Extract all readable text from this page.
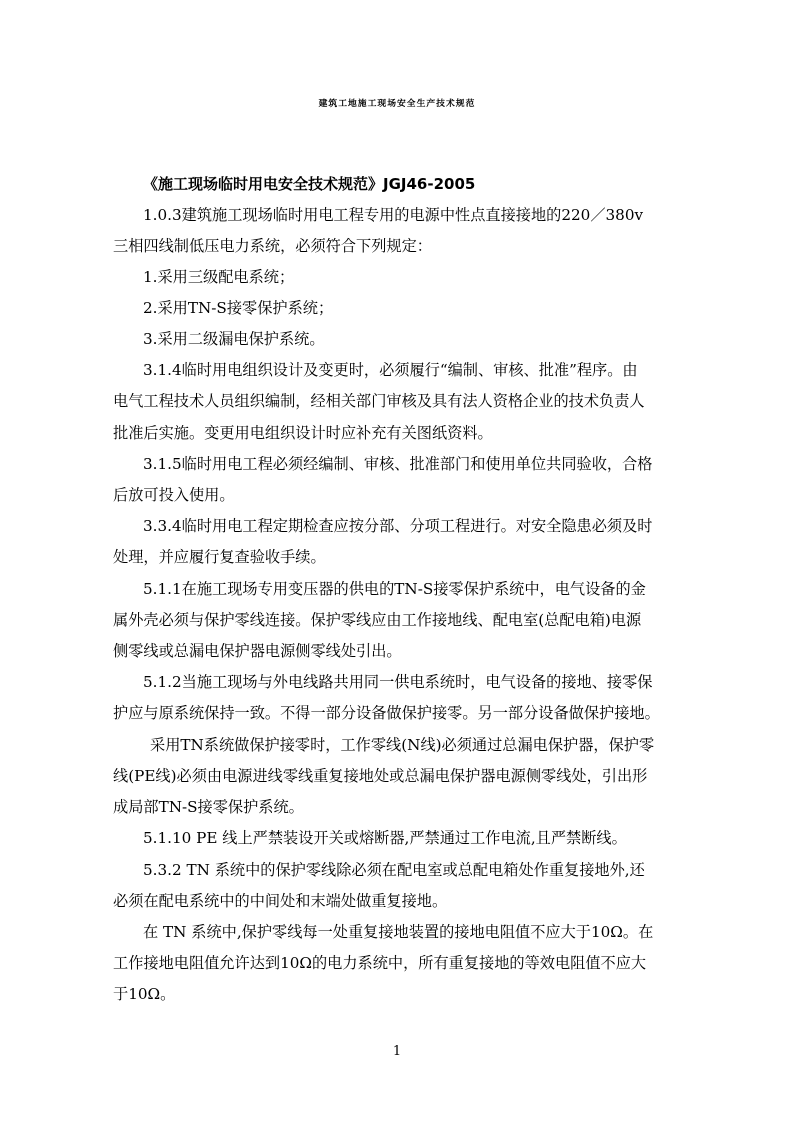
建筑工地施工现场安全生产技术规范
《施工现场临时用电安全技术规范》JGJ46-2005
1.0.3建筑施工现场临时用电工程专用的电源中性点直接接地的220／380v
三相四线制低压电力系统，必须符合下列规定：
1.采用三级配电系统；
2.采用TN-S接零保护系统；
3.采用二级漏电保护系统。
3.1.4临时用电组织设计及变更时，必须履行“编制、审核、批准”程序。由
电气工程技术人员组织编制，经相关部门审核及具有法人资格企业的技术负责人
批准后实施。变更用电组织设计时应补充有关图纸资料。
3.1.5临时用电工程必须经编制、审核、批准部门和使用单位共同验收，合格
后放可投入使用。
3.3.4临时用电工程定期检查应按分部、分项工程进行。对安全隐患必须及时
处理，并应履行复查验收手续。
5.1.1在施工现场专用变压器的供电的TN-S接零保护系统中，电气设备的金
属外壳必须与保护零线连接。保护零线应由工作接地线、配电室(总配电箱)电源
侧零线或总漏电保护器电源侧零线处引出。
5.1.2当施工现场与外电线路共用同一供电系统时，电气设备的接地、接零保
护应与原系统保持一致。不得一部分设备做保护接零。另一部分设备做保护接地。
采用TN系统做保护接零时，工作零线(N线)必须通过总漏电保护器，保护零
线(PE线)必须由电源进线零线重复接地处或总漏电保护器电源侧零线处，引出形
成局部TN-S接零保护系统。
5.1.10 PE 线上严禁装设开关或熔断器,严禁通过工作电流,且严禁断线。
5.3.2 TN 系统中的保护零线除必须在配电室或总配电箱处作重复接地外,还
必须在配电系统中的中间处和末端处做重复接地。
在 TN 系统中,保护零线每一处重复接地装置的接地电阻值不应大于10Ω。在
工作接地电阻值允许达到10Ω的电力系统中，所有重复接地的等效电阻值不应大
于10Ω。
1
